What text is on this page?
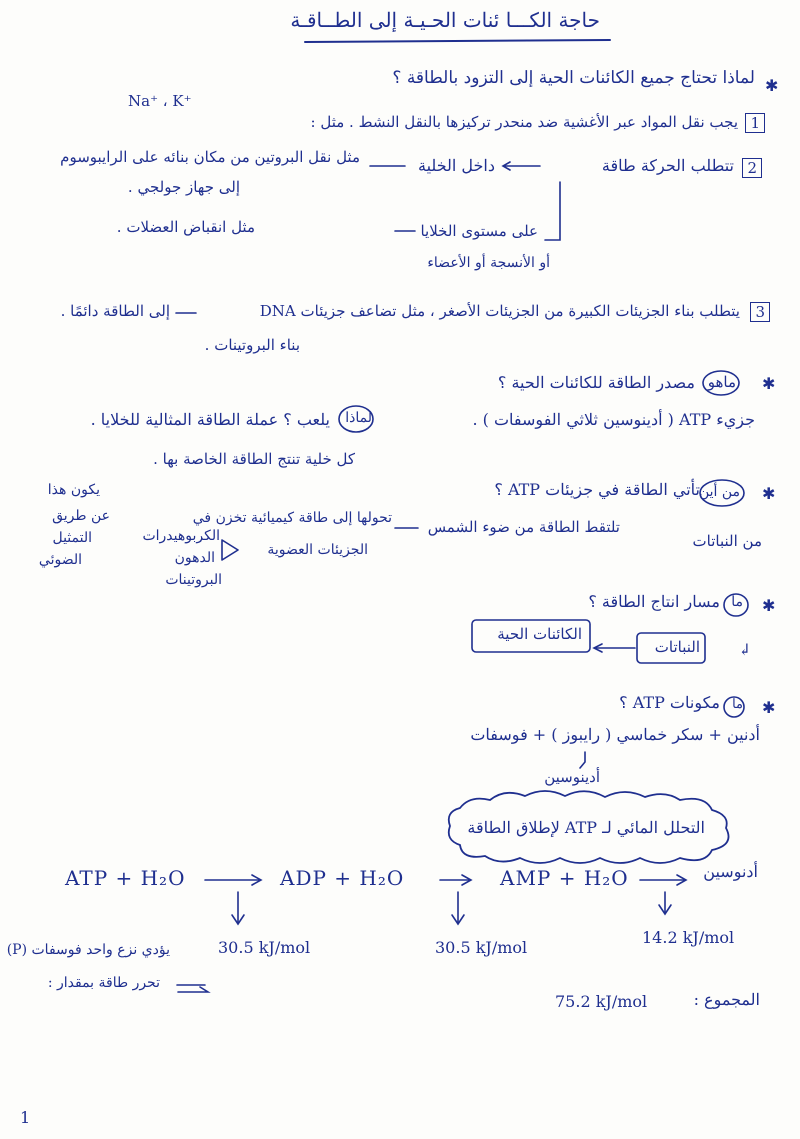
حاجة الكـــا ئنات الحـيـة إلى الطــاقـة
✱
لماذا تحتاج جميع الكائنات الحية إلى التزود بالطاقة ؟
1
يجب نقل المواد عبر الأغشية ضد منحدر تركيزها بالنقل النشط . مثل :
Na⁺ ، K⁺
2
تتطلب الحركة طاقة
داخل الخلية
مثل نقل البروتين من مكان بنائه على الرايبوسوم
إلى جهاز جولجي .
على مستوى الخلايا
مثل انقباض العضلات .
أو الأنسجة أو الأعضاء
3
يتطلب بناء الجزيئات الكبيرة من الجزيئات الأصغر ، مثل تضاعف جزيئات DNA
إلى الطاقة دائمًا .
بناء البروتينات .
✱
ماهو
مصدر الطاقة للكائنات الحية ؟
جزيء ATP ( أدينوسين ثلاثي الفوسفات ) .
لماذا
يلعب ؟ عملة الطاقة المثالية للخلايا .
كل خلية تنتج الطاقة الخاصة بها .
✱
من أين
تأتي الطاقة في جزيئات ATP ؟
من النباتات
تلتقط الطاقة من ضوء الشمس
تحولها إلى طاقة كيميائية تخزن في
الجزيئات العضوية
الكربوهيدرات
الدهون
البروتينات
يكون هذا
عن طريق
التمثيل
الضوئي
✱
ما
مسار انتاج الطاقة ؟
↲
النباتات
الكائنات الحية
✱
ما
مكونات ATP ؟
أدنين + سكر خماسي ( رايبوز ) + فوسفات
أدينوسين
التحلل المائي لـ ATP لإطلاق الطاقة
ATP + H₂O	ADP + H₂O	AMP + H₂O	أدنوسين
30.5 kJ/mol	30.5 kJ/mol
14.2 kJ/mol
يؤدي نزع واحد فوسفات (P)
تحرر طاقة بمقدار :
المجموع :
75.2 kJ/mol
1
